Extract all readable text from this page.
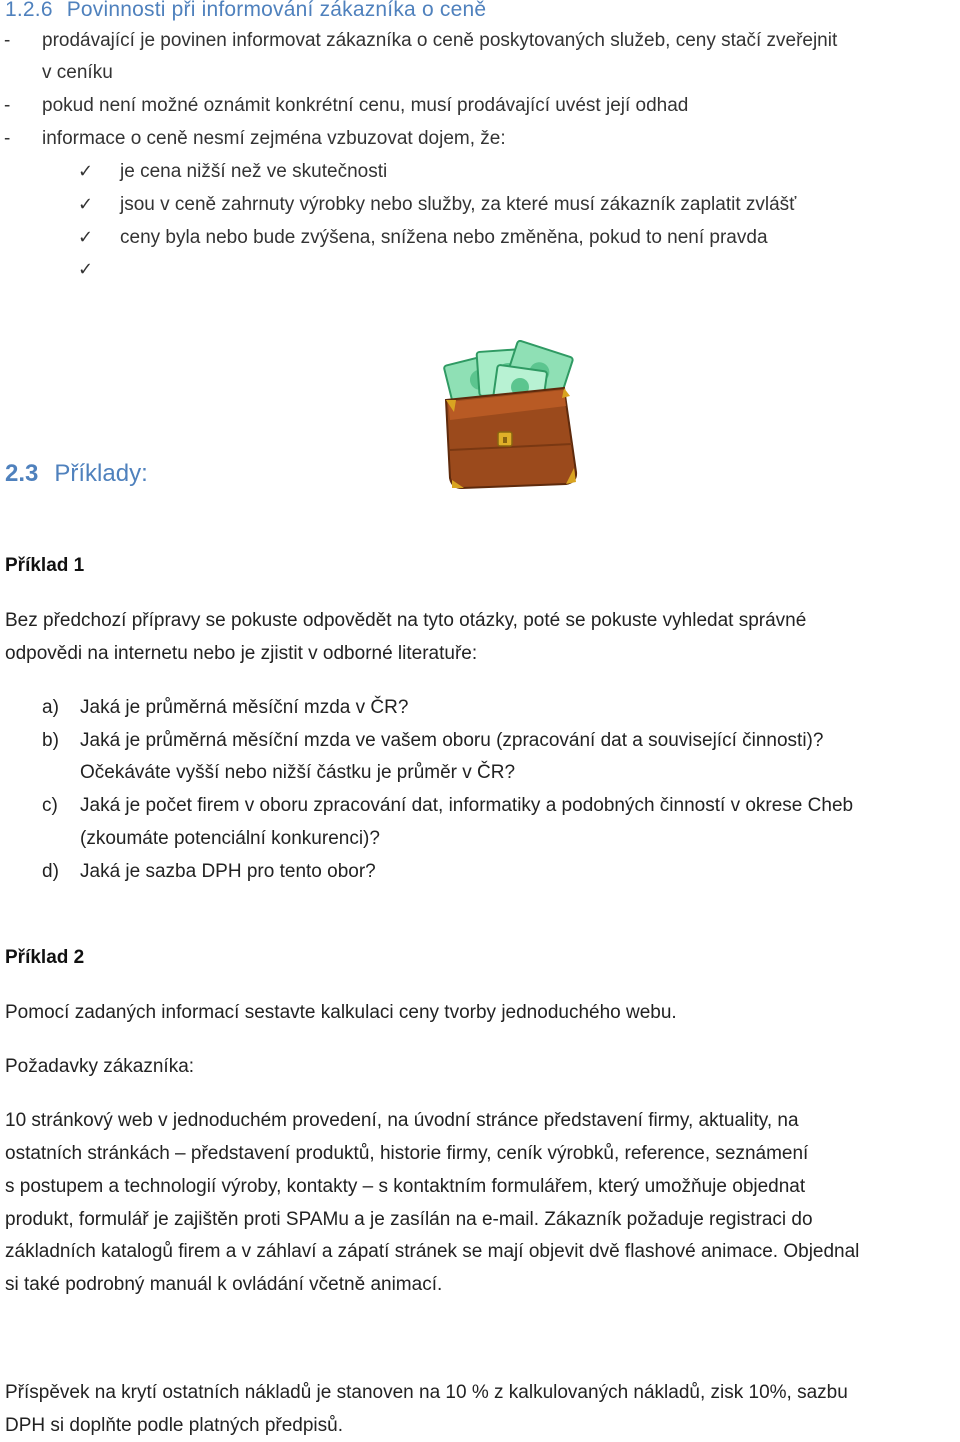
1.2.6 Povinnosti při informování zákazníka o ceně
- prodávající je povinen informovat zákazníka o ceně poskytovaných služeb, ceny stačí zveřejnit
v ceníku
- pokud není možné oznámit konkrétní cenu, musí prodávající uvést její odhad
- informace o ceně nesmí zejména vzbuzovat dojem, že:
✓ je cena nižší než ve skutečnosti
✓ jsou v ceně zahrnuty výrobky nebo služby, za které musí zákazník zaplatit zvlášť
✓ ceny byla nebo bude zvýšena, snížena nebo změněna, pokud to není pravda
✓
2.3 Příklady:
Příklad 1
Bez předchozí přípravy se pokuste odpovědět na tyto otázky, poté se pokuste vyhledat správné
odpovědi na internetu nebo je zjistit v odborné literatuře:
a) Jaká je průměrná měsíční mzda v ČR?
b) Jaká je průměrná měsíční mzda ve vašem oboru (zpracování dat a související činnosti)?
Očekáváte vyšší nebo nižší částku je průměr v ČR?
c) Jaká je počet firem v oboru zpracování dat, informatiky a podobných činností v okrese Cheb
(zkoumáte potenciální konkurenci)?
d) Jaká je sazba DPH pro tento obor?
Příklad 2
Pomocí zadaných informací sestavte kalkulaci ceny tvorby jednoduchého webu.
Požadavky zákazníka:
10 stránkový web v jednoduchém provedení, na úvodní stránce představení firmy, aktuality, na
ostatních stránkách – představení produktů, historie firmy, ceník výrobků, reference, seznámení
s postupem a technologií výroby, kontakty – s kontaktním formulářem, který umožňuje objednat
produkt, formulář je zajištěn proti SPAMu a je zasílán na e-mail. Zákazník požaduje registraci do
základních katalogů firem a v záhlaví a zápatí stránek se mají objevit dvě flashové animace. Objednal
si také podrobný manuál k ovládání včetně animací.
Příspěvek na krytí ostatních nákladů je stanoven na 10 % z kalkulovaných nákladů, zisk 10%, sazbu
DPH si doplňte podle platných předpisů.
